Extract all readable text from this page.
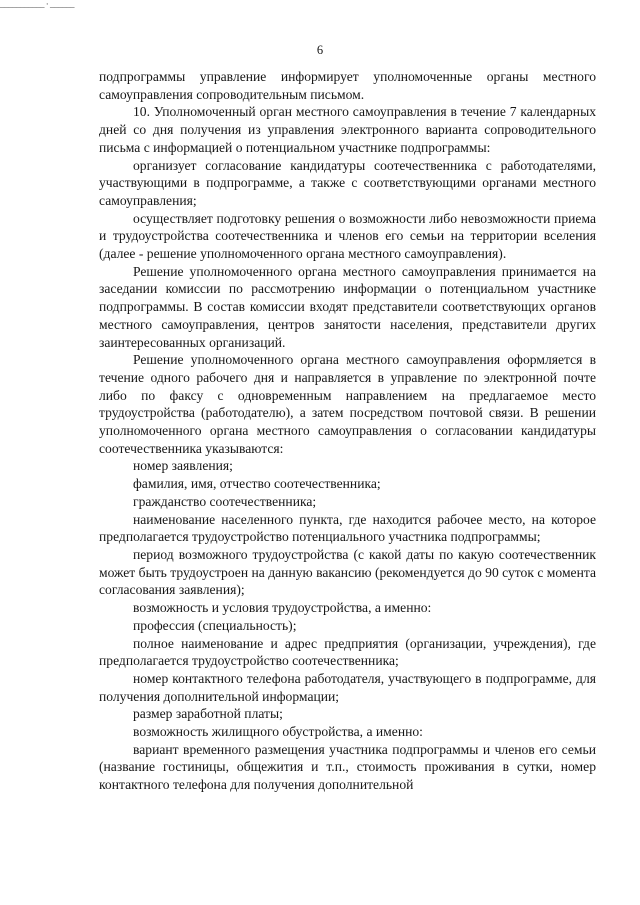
___________ · ______
6

подпрограммы управление информирует уполномоченные органы местного самоуправления сопроводительным письмом.

10. Уполномоченный орган местного самоуправления в течение 7 календарных дней со дня получения из управления электронного варианта сопроводительного письма с информацией о потенциальном участнике подпрограммы:

организует согласование кандидатуры соотечественника с работодателями, участвующими в подпрограмме, а также с соответствующими органами местного самоуправления;

осуществляет подготовку решения о возможности либо невозможности приема и трудоустройства соотечественника и членов его семьи на территории вселения (далее - решение уполномоченного органа местного самоуправления).

Решение уполномоченного органа местного самоуправления принимается на заседании комиссии по рассмотрению информации о потенциальном участнике подпрограммы. В состав комиссии входят представители соответствующих органов местного самоуправления, центров занятости населения, представители других заинтересованных организаций.

Решение уполномоченного органа местного самоуправления оформляется в течение одного рабочего дня и направляется в управление по электронной почте либо по факсу с одновременным направлением на предлагаемое место трудоустройства (работодателю), а затем посредством почтовой связи. В решении уполномоченного органа местного самоуправления о согласовании кандидатуры соотечественника указываются:

номер заявления;

фамилия, имя, отчество соотечественника;

гражданство соотечественника;

наименование населенного пункта, где находится рабочее место, на которое предполагается трудоустройство потенциального участника подпрограммы;

период возможного трудоустройства (с какой даты по какую соотечественник может быть трудоустроен на данную вакансию (рекомендуется до 90 суток с момента согласования заявления);

возможность и условия трудоустройства, а именно:

профессия (специальность);

полное наименование и адрес предприятия (организации, учреждения), где предполагается трудоустройство соотечественника;

номер контактного телефона работодателя, участвующего в подпрограмме, для получения дополнительной информации;

размер заработной платы;

возможность жилищного обустройства, а именно:

вариант временного размещения участника подпрограммы и членов его семьи (название гостиницы, общежития и т.п., стоимость проживания в сутки, номер контактного телефона для получения дополнительной
